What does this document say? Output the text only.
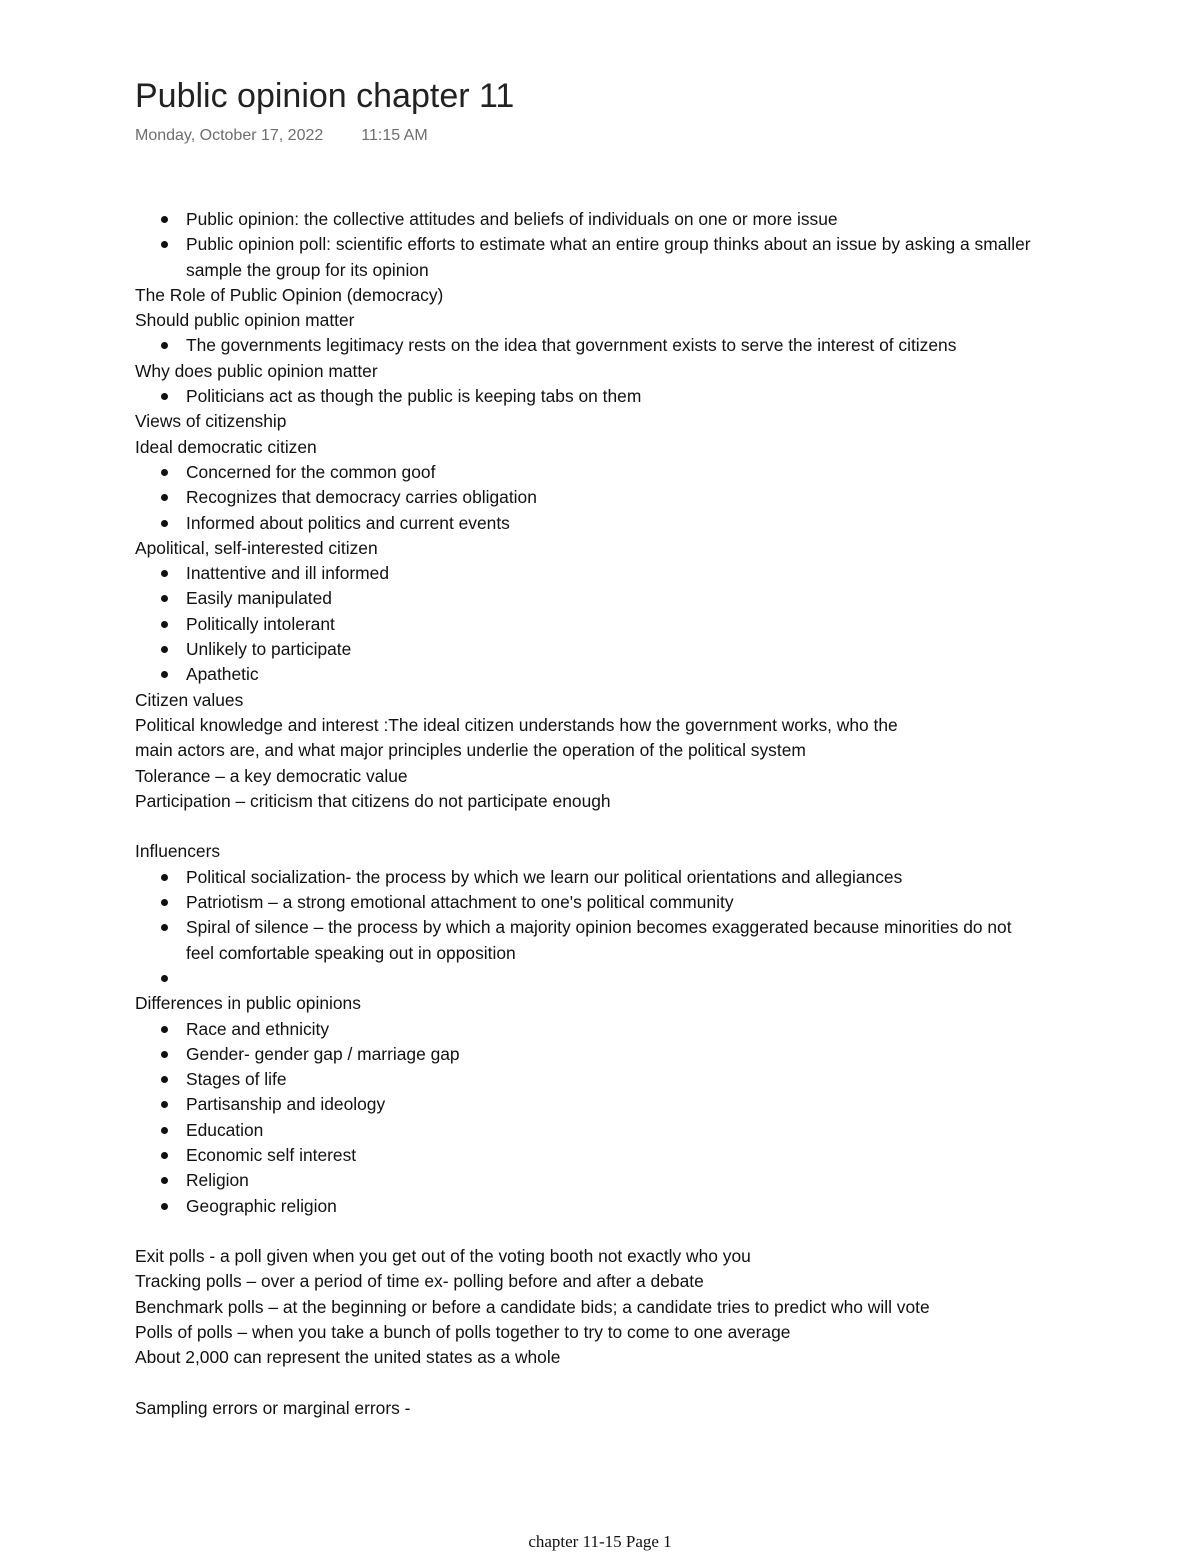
Public opinion chapter 11
Monday, October 17, 2022 11:15 AM
Public opinion: the collective attitudes and beliefs of individuals on one or more issue
Public opinion poll: scientific efforts to estimate what an entire group thinks about an issue by asking a smaller sample the group for its opinion
The Role of Public Opinion (democracy)
Should public opinion matter
The governments legitimacy rests on the idea that government exists to serve the interest of citizens
Why does public opinion matter
Politicians act as though the public is keeping tabs on them
Views of citizenship
Ideal democratic citizen
Concerned for the common goof
Recognizes that democracy carries obligation
Informed about politics and current events
Apolitical, self-interested citizen
Inattentive and ill informed
Easily manipulated
Politically intolerant
Unlikely to participate
Apathetic
Citizen values
Political knowledge and interest :The ideal citizen understands how the government works, who the
main actors are, and what major principles underlie the operation of the political system
Tolerance – a key democratic value
Participation – criticism that citizens do not participate enough
Influencers
Political socialization- the process by which we learn our political orientations and allegiances
Patriotism – a strong emotional attachment to one's political community
Spiral of silence – the process by which a majority opinion becomes exaggerated because minorities do not feel comfortable speaking out in opposition
Differences in public opinions
Race and ethnicity
Gender- gender gap / marriage gap
Stages of life
Partisanship and ideology
Education
Economic self interest
Religion
Geographic religion
Exit polls - a poll given when you get out of the voting booth not exactly who you
Tracking polls – over a period of time ex- polling before and after a debate
Benchmark polls – at the beginning or before a candidate bids; a candidate tries to predict who will vote
Polls of polls – when you take a bunch of polls together to try to come to one average
About 2,000 can represent the united states as a whole
Sampling errors or marginal errors -
chapter 11-15 Page 1
